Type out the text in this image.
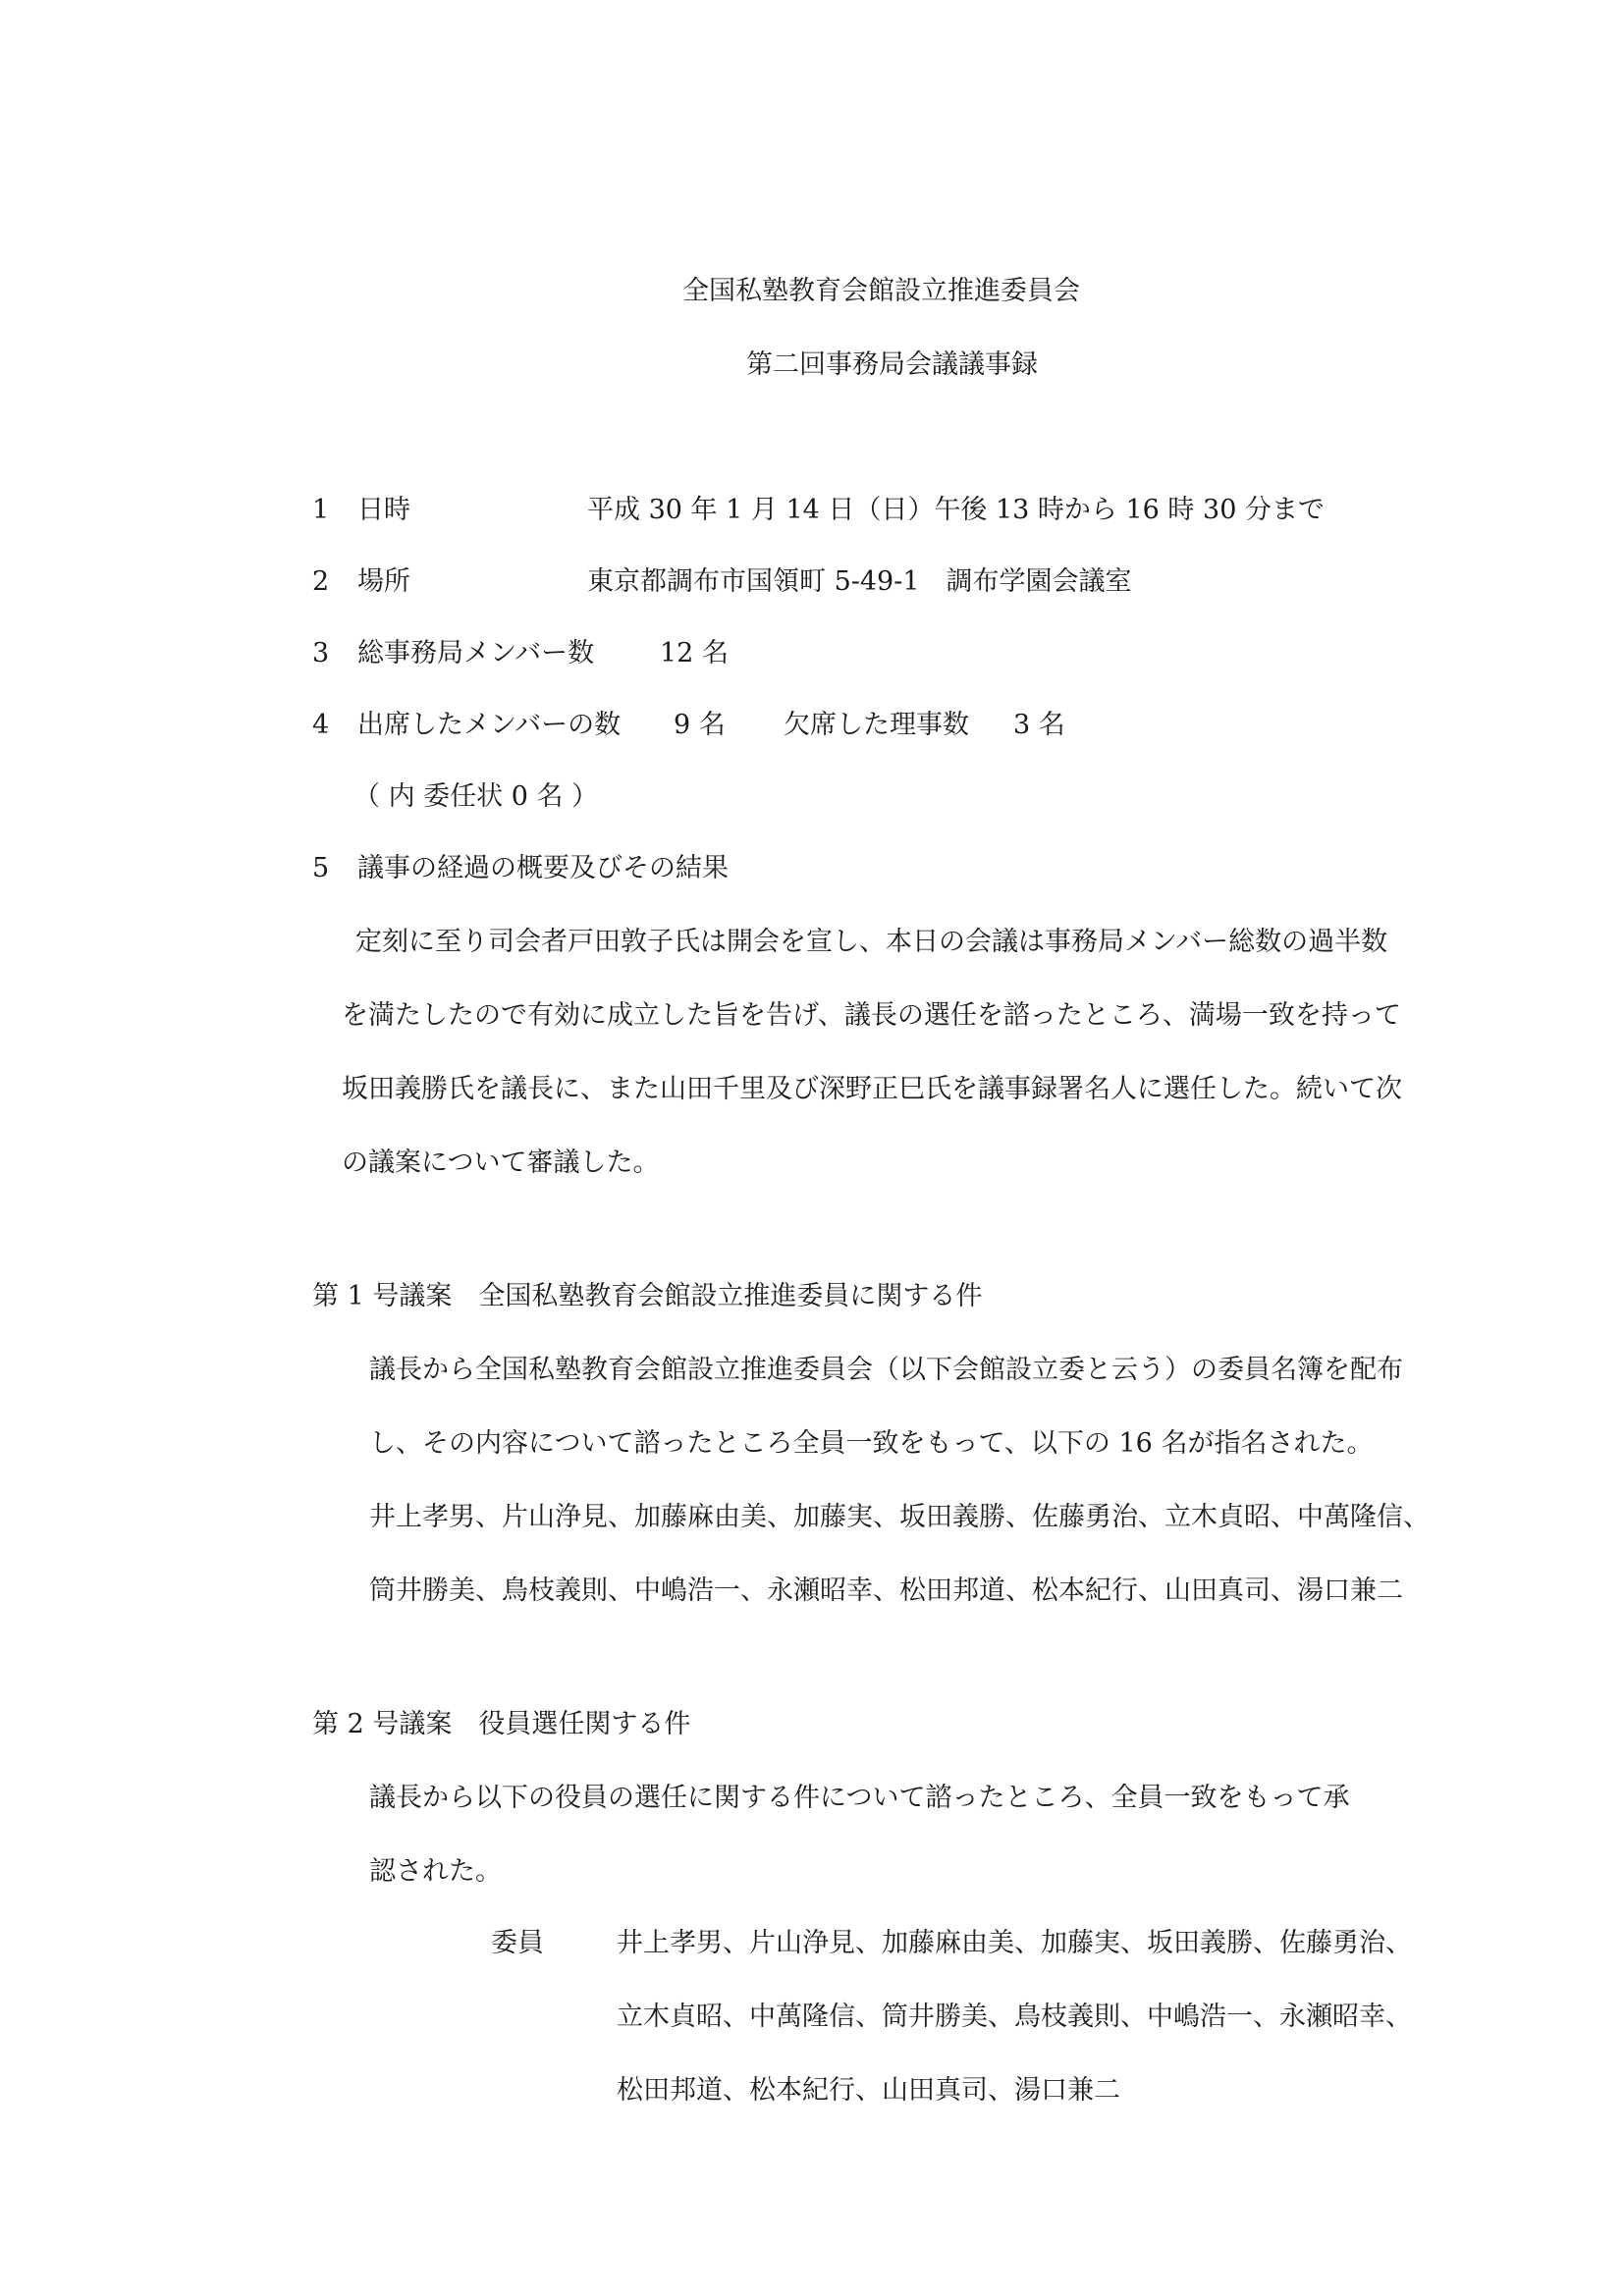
全国私塾教育会館設立推進委員会
第二回事務局会議議事録
1 日時	平成 30 年 1 月 14 日（日）午後 13 時から 16 時 30 分まで
2 場所	東京都調布市国領町 5-49-1　調布学園会議室
3 総事務局メンバー数 12 名
4 出席したメンバーの数 9 名 欠席した理事数 3 名
（ 内 委任状 0 名 ）
5 議事の経過の概要及びその結果
定刻に至り司会者戸田敦子氏は開会を宣し、本日の会議は事務局メンバー総数の過半数
を満たしたので有効に成立した旨を告げ、議長の選任を諮ったところ、満場一致を持って
坂田義勝氏を議長に、また山田千里及び深野正巳氏を議事録署名人に選任した。続いて次
の議案について審議した。
第 1 号議案　全国私塾教育会館設立推進委員に関する件
議長から全国私塾教育会館設立推進委員会（以下会館設立委と云う）の委員名簿を配布
し、その内容について諮ったところ全員一致をもって、以下の 16 名が指名された。
井上孝男、片山浄見、加藤麻由美、加藤実、坂田義勝、佐藤勇治、立木貞昭、中萬隆信、
筒井勝美、鳥枝義則、中嶋浩一、永瀬昭幸、松田邦道、松本紀行、山田真司、湯口兼二
第 2 号議案　役員選任関する件
議長から以下の役員の選任に関する件について諮ったところ、全員一致をもって承
認された。
委員	井上孝男、片山浄見、加藤麻由美、加藤実、坂田義勝、佐藤勇治、
立木貞昭、中萬隆信、筒井勝美、鳥枝義則、中嶋浩一、永瀬昭幸、
松田邦道、松本紀行、山田真司、湯口兼二
